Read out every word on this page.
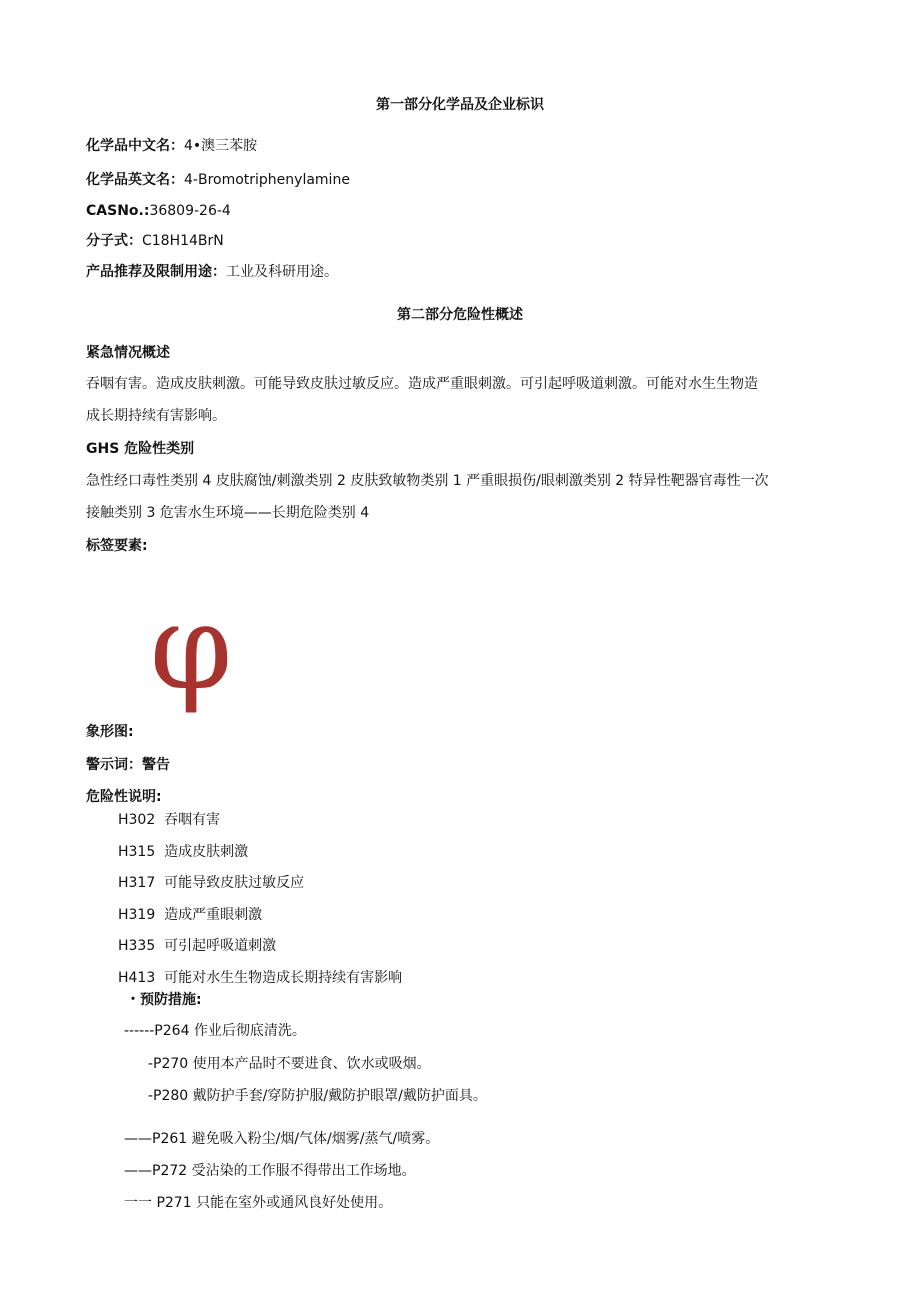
第一部分化学品及企业标识
化学品中文名：4•澳三苯胺
化学品英文名：4-Bromotriphenylamine
CASNo.:36809-26-4
分子式：C18H14BrN
产品推荐及限制用途：工业及科研用途。
第二部分危险性概述
紧急情况概述
吞咽有害。造成皮肤刺激。可能导致皮肤过敏反应。造成严重眼刺激。可引起呼吸道刺激。可能对水生生物造
成长期持续有害影响。
GHS 危险性类别
急性经口毒性类别 4 皮肤腐蚀/刺激类别 2 皮肤致敏物类别 1 严重眼损伤/眼刺激类别 2 特异性靶器官毒性一次
接触类别 3 危害水生环境——长期危险类别 4
标签要素:
φ
象形图:
警示词：警告
危险性说明:
H302 吞咽有害
H315 造成皮肤刺激
H317 可能导致皮肤过敏反应
H319 造成严重眼刺激
H335 可引起呼吸道刺激
H413 可能对水生生物造成长期持续有害影响
・预防措施:
------P264 作业后彻底清洗。
-P270 使用本产品时不要进食、饮水或吸烟。
-P280 戴防护手套/穿防护服/戴防护眼罩/戴防护面具。
——P261 避免吸入粉尘/烟/气体/烟雾/蒸气/喷雾。
——P272 受沾染的工作服不得带出工作场地。
一一 P271 只能在室外或通风良好处使用。
